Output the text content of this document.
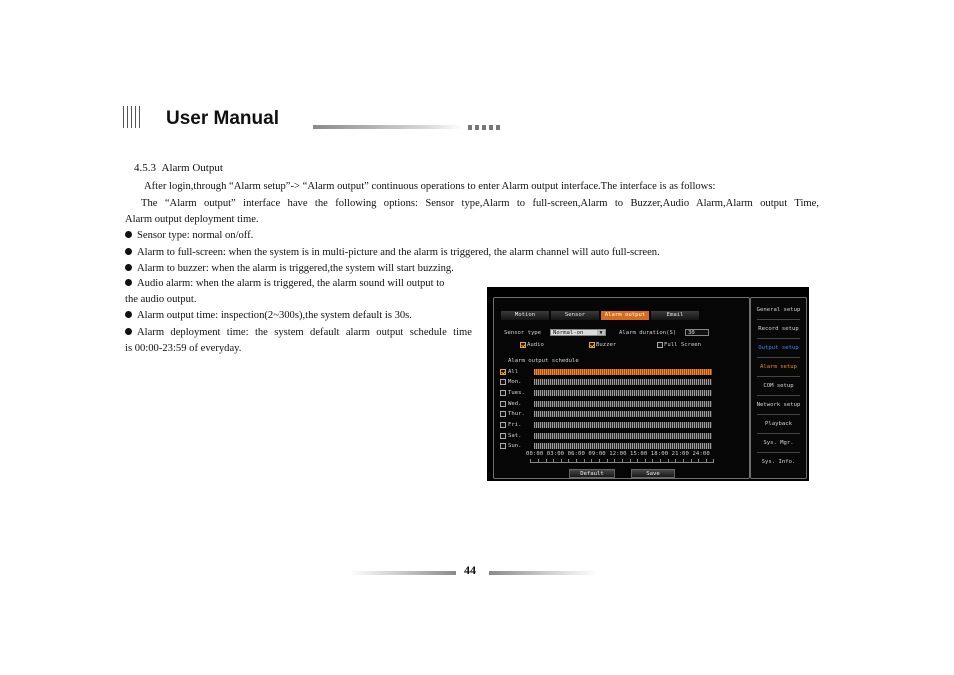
User Manual
4.5.3 Alarm Output
After login,through “Alarm setup”-> “Alarm output” continuous operations to enter Alarm output interface.The interface is as follows:
The “Alarm output” interface have the following options: Sensor type,Alarm to full-screen,Alarm to Buzzer,Audio Alarm,Alarm output Time,
Alarm output deployment time.
Sensor type: normal on/off.
Alarm to full-screen: when the system is in multi-picture and the alarm is triggered, the alarm channel will auto full-screen.
Alarm to buzzer: when the alarm is triggered,the system will start buzzing.
Audio alarm: when the alarm is triggered, the alarm sound will output to
the audio output.
Alarm output time: inspection(2~300s),the system default is 30s.
Alarm deployment time: the system default alarm output schedule time
is 00:00-23:59 of everyday.
Motion	Sensor	Alarm output	Email
Sensor type	Normal-on	▼	Alarm duration(S)	30
Audio	Buzzer	Full Screen
Alarm output schedule
All
Mon.
Tues.
Wed.
Thur.
Fri.
Sat.
Sun.
00:00 03:00 06:00 09:00 12:00 15:00 18:00 21:00 24:00
Default	Save
General setup
Record setup
Output setup
Alarm setup
COM setup
Network setup
Playback
Sys. Mgr.
Sys. Info.
44
